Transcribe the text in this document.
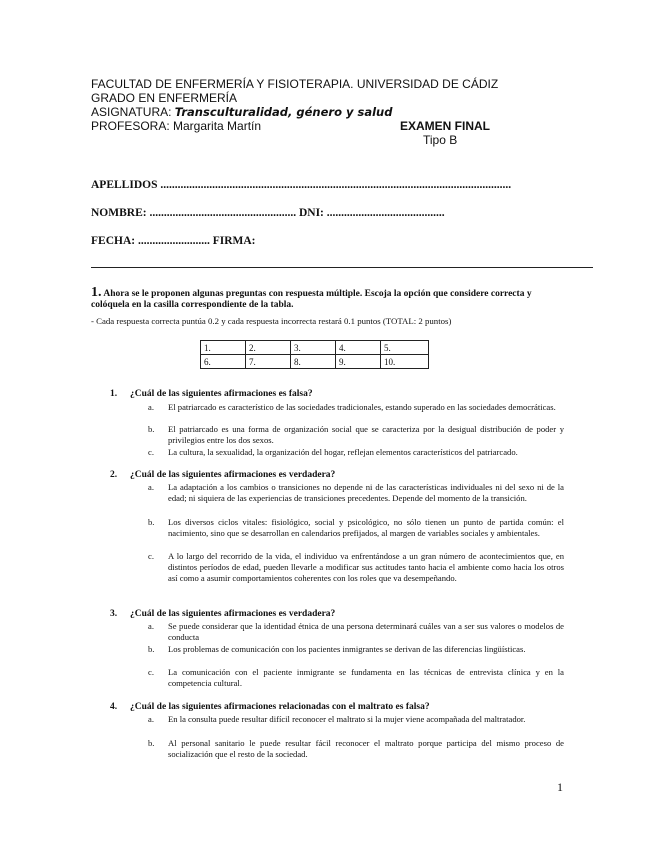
FACULTAD DE ENFERMERÍA Y FISIOTERAPIA. UNIVERSIDAD DE CÁDIZ
GRADO EN ENFERMERÍA
ASIGNATURA: Transculturalidad, género y salud
PROFESORA: Margarita Martín	EXAMEN FINAL
Tipo B
APELLIDOS ..........................................................................................................................
NOMBRE: ................................................... DNI: .........................................
FECHA: ......................... FIRMA:
1. Ahora se le proponen algunas preguntas con respuesta múltiple. Escoja la opción que considere correcta y colóquela en la casilla correspondiente de la tabla.
- Cada respuesta correcta puntúa 0.2 y cada respuesta incorrecta restará 0.1 puntos (TOTAL: 2 puntos)
1.	2.	3.	4.	5.
6.	7.	8.	9.	10.
1. ¿Cuál de las siguientes afirmaciones es falsa?
a. El patriarcado es característico de las sociedades tradicionales, estando superado en las sociedades democráticas.
b. El patriarcado es una forma de organización social que se caracteriza por la desigual distribución de poder y privilegios entre los dos sexos.
c. La cultura, la sexualidad, la organización del hogar, reflejan elementos característicos del patriarcado.
2. ¿Cuál de las siguientes afirmaciones es verdadera?
a. La adaptación a los cambios o transiciones no depende ni de las características individuales ni del sexo ni de la edad; ni siquiera de las experiencias de transiciones precedentes. Depende del momento de la transición.
b. Los diversos ciclos vitales: fisiológico, social y psicológico, no sólo tienen un punto de partida común: el nacimiento, sino que se desarrollan en calendarios prefijados, al margen de variables sociales y ambientales.
c. A lo largo del recorrido de la vida, el individuo va enfrentándose a un gran número de acontecimientos que, en distintos períodos de edad, pueden llevarle a modificar sus actitudes tanto hacia el ambiente como hacia los otros así como a asumir comportamientos coherentes con los roles que va desempeñando.
3. ¿Cuál de las siguientes afirmaciones es verdadera?
a. Se puede considerar que la identidad étnica de una persona determinará cuáles van a ser sus valores o modelos de conducta
b. Los problemas de comunicación con los pacientes inmigrantes se derivan de las diferencias lingüísticas.
c. La comunicación con el paciente inmigrante se fundamenta en las técnicas de entrevista clínica y en la competencia cultural.
4. ¿Cuál de las siguientes afirmaciones relacionadas con el maltrato es falsa?
a. En la consulta puede resultar difícil reconocer el maltrato si la mujer viene acompañada del maltratador.
b. Al personal sanitario le puede resultar fácil reconocer el maltrato porque participa del mismo proceso de socialización que el resto de la sociedad.
1
